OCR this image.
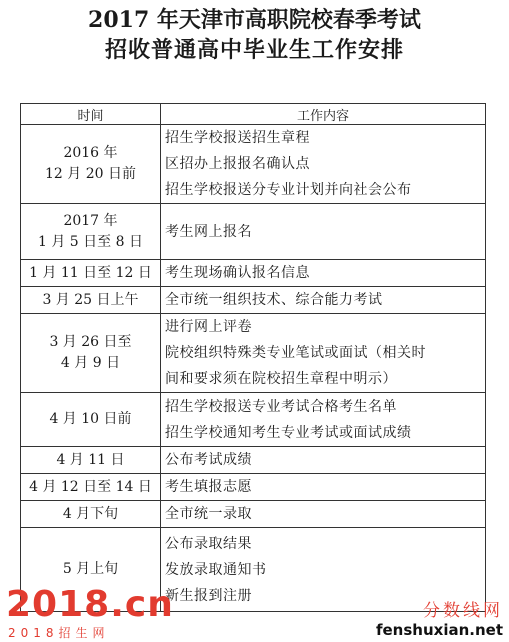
2017 年天津市高职院校春季考试
招收普通高中毕业生工作安排
时间	工作内容

2016 年
12 月 20 日前	招生学校报送招生章程
区招办上报报名确认点
招生学校报送分专业计划并向社会公布

2017 年
1 月 5 日至 8 日	考生网上报名

1 月 11 日至 12 日	考生现场确认报名信息

3 月 25 日上午	全市统一组织技术、综合能力考试

3 月 26 日至
4 月 9 日	进行网上评卷
院校组织特殊类专业笔试或面试（相关时
间和要求须在院校招生章程中明示）

4 月 10 日前	招生学校报送专业考试合格考生名单
招生学校通知考生专业考试或面试成绩

4 月 11 日	公布考试成绩

4 月 12 日至 14 日	考生填报志愿

4 月下旬	全市统一录取

5 月上旬	公布录取结果
发放录取通知书
新生报到注册
2018.cn
2018招生网
分数线网
fenshuxian.net
